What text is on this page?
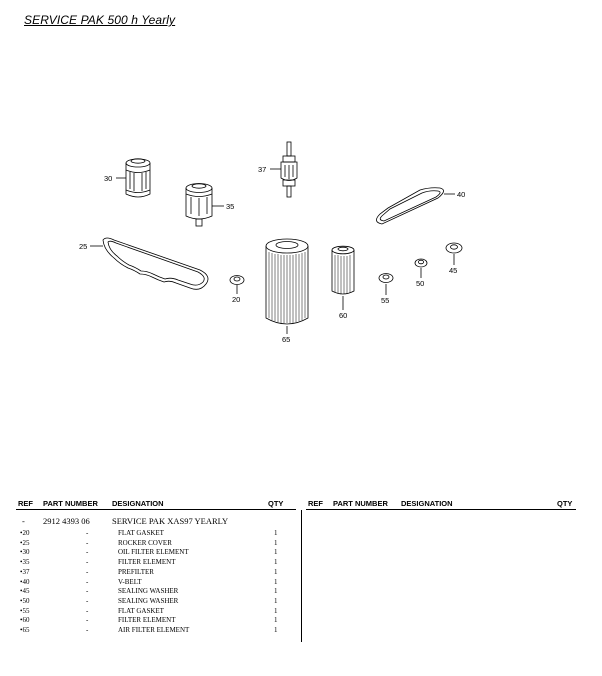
SERVICE PAK 500 h Yearly
30
35
37
40
25
20
65
60
55
50
45
REF PART NUMBER DESIGNATION	QTY	REF PART NUMBER DESIGNATION	QTY
- 2912 4393 06	SERVICE PAK XAS97 YEARLY
•20	-	FLAT GASKET	1
•25	-	ROCKER COVER	1
•30	-	OIL FILTER ELEMENT	1
•35	-	FILTER ELEMENT	1
•37	-	PREFILTER	1
•40	-	V-BELT	1
•45	-	SEALING WASHER	1
•50	-	SEALING WASHER	1
•55	-	FLAT GASKET	1
•60	-	FILTER ELEMENT	1
•65	-	AIR FILTER ELEMENT	1
